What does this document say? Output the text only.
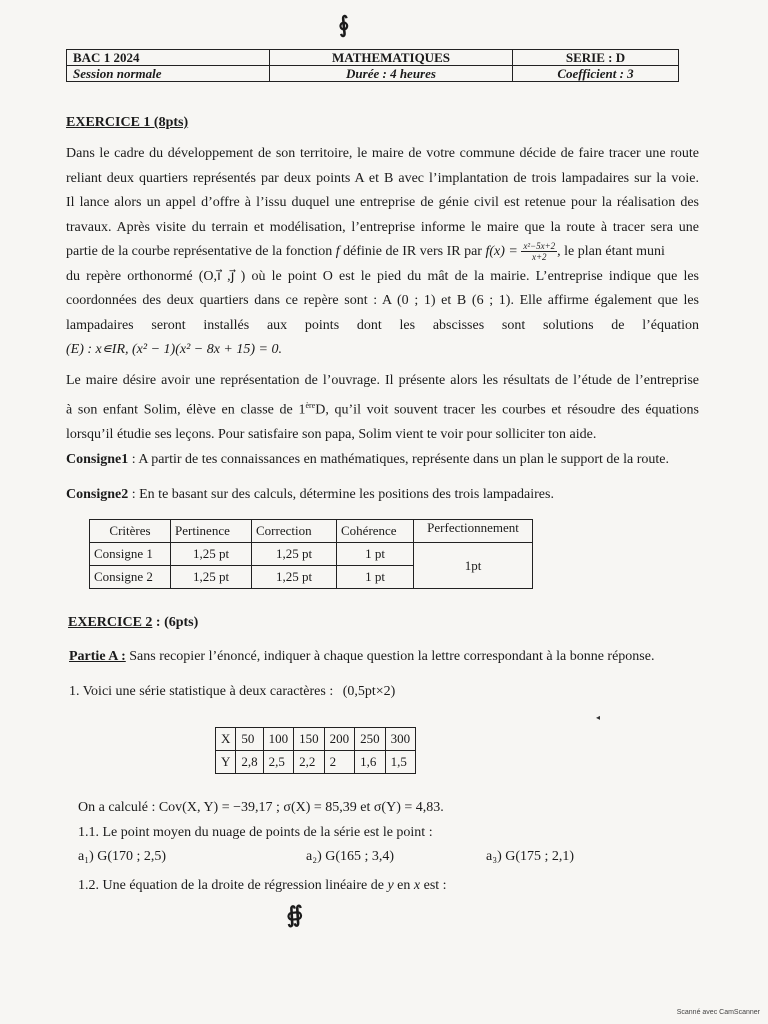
∮
BAC 1 2024	MATHEMATIQUES	SERIE : D
Session normale	Durée : 4 heures	Coefficient : 3
EXERCICE 1 (8pts)
Dans le cadre du développement de son territoire, le maire de votre commune décide de faire tracer une route
reliant deux quartiers représentés par deux points A et B avec l’implantation de trois lampadaires sur la voie.
Il lance alors un appel d’offre à l’issu duquel une entreprise de génie civil est retenue pour la réalisation des
travaux. Après visite du terrain et modélisation, l’entreprise informe le maire que la route à tracer sera une
partie de la courbe représentative de la fonction f définie de IR vers IR par $f(x) = \frac{\text{x²−5x+2}}{x+2}$ , le plan étant muni
du repère orthonormé (O,i⃗ ,j⃗ ) où le point O est le pied du mât de la mairie. L’entreprise indique que les
coordonnées des deux quartiers dans ce repère sont : A (0 ; 1) et B (6 ; 1). Elle affirme également que les
lampadaires seront installés aux points dont les abscisses sont solutions de l’équation
(E) : x∊IR, (x² − 1)(x² − 8x + 15) = 0.
Le maire désire avoir une représentation de l’ouvrage. Il présente alors les résultats de l’étude de l’entreprise
à son enfant Solim, élève en classe de 1èreD, qu’il voit souvent tracer les courbes et résoudre des équations
lorsqu’il étudie ses leçons. Pour satisfaire son papa, Solim vient te voir pour solliciter ton aide.
Consigne1 : A partir de tes connaissances en mathématiques, représente dans un plan le support de la route.
Consigne2 : En te basant sur des calculs, détermine les positions des trois lampadaires.
Critères	Pertinence	Correction	Cohérence	Perfectionnement
Consigne 1	1,25 pt	1,25 pt	1 pt	1pt
Consigne 2	1,25 pt	1,25 pt	1 pt	
EXERCICE 2 : (6pts)
Partie A : Sans recopier l’énoncé, indiquer à chaque question la lettre correspondant à la bonne réponse.
1. Voici une série statistique à deux caractères : (0,5pt×2)
◂
X	50	100	150	200	250	300
Y	2,8	2,5	2,2	2	1,6	1,5
On a calculé : Cov(X, Y) = −39,17 ; σ(X) = 85,39 et σ(Y) = 4,83.
1.1. Le point moyen du nuage de points de la série est le point :
a₁) G(170 ; 2,5)	a₂) G(165 ; 3,4)	a₃) G(175 ; 2,1)
1.2. Une équation de la droite de régression linéaire de y en x est :
∯
Scanné avec CamScanner
